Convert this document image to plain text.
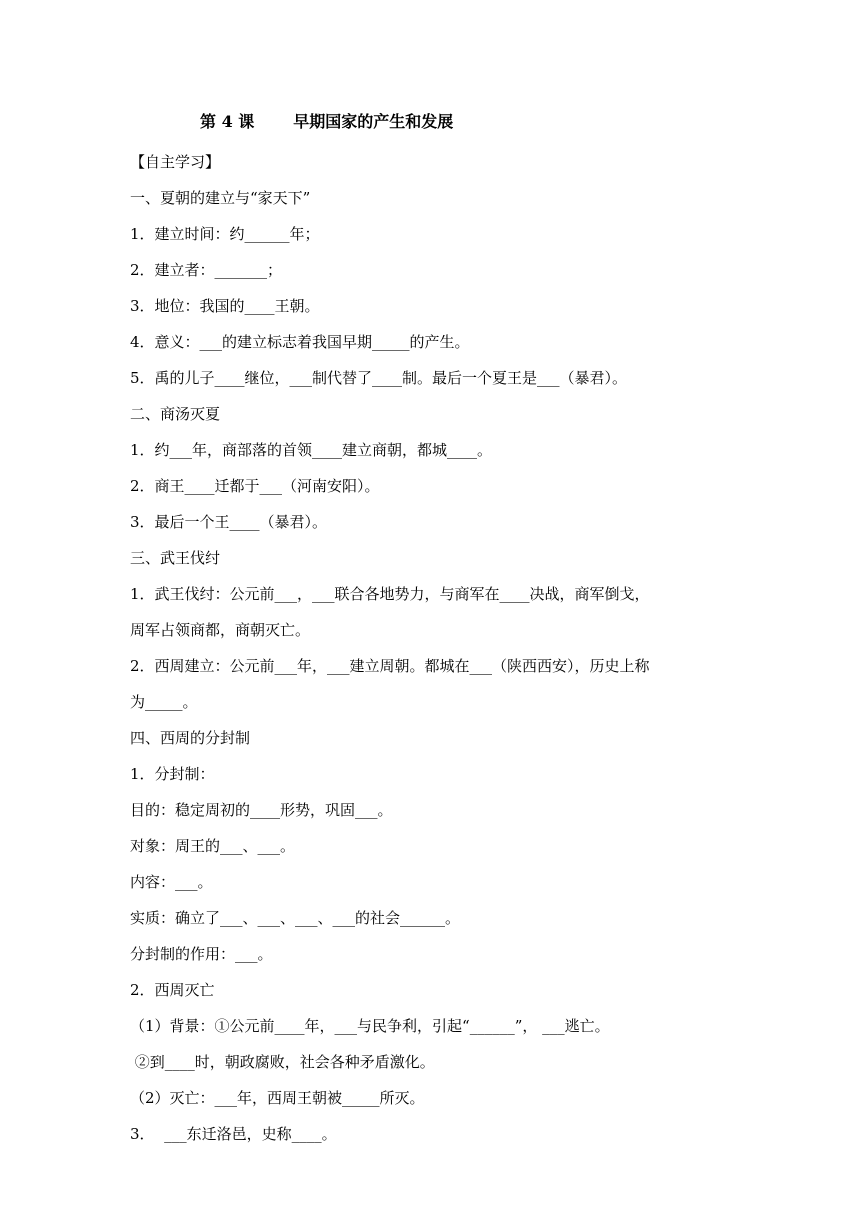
第 4 课       早期国家的产生和发展
【自主学习】
一、夏朝的建立与“家天下”
1．建立时间：约______年；
2．建立者：_______；
3．地位：我国的____王朝。
4．意义：___的建立标志着我国早期_____的产生。
5．禹的儿子____继位，___制代替了____制。最后一个夏王是___（暴君）。
二、商汤灭夏
1．约___年，商部落的首领____建立商朝，都城____。
2．商王____迁都于___（河南安阳）。
3．最后一个王____（暴君）。
三、武王伐纣
1．武王伐纣：公元前___，___联合各地势力，与商军在____决战，商军倒戈，
周军占领商都，商朝灭亡。
2．西周建立：公元前___年，___建立周朝。都城在___（陕西西安），历史上称
为_____。
四、西周的分封制
1．分封制：
目的：稳定周初的____形势，巩固___。
对象：周王的___、___。
内容：___。
实质：确立了___、___、___、___的社会______。
分封制的作用：___。
2．西周灭亡
（1）背景：①公元前____年，___与民争利，引起“______”， ___逃亡。
②到____时，朝政腐败，社会各种矛盾激化。
（2）灭亡：___年，西周王朝被_____所灭。
3．  ___东迁洛邑，史称____。
